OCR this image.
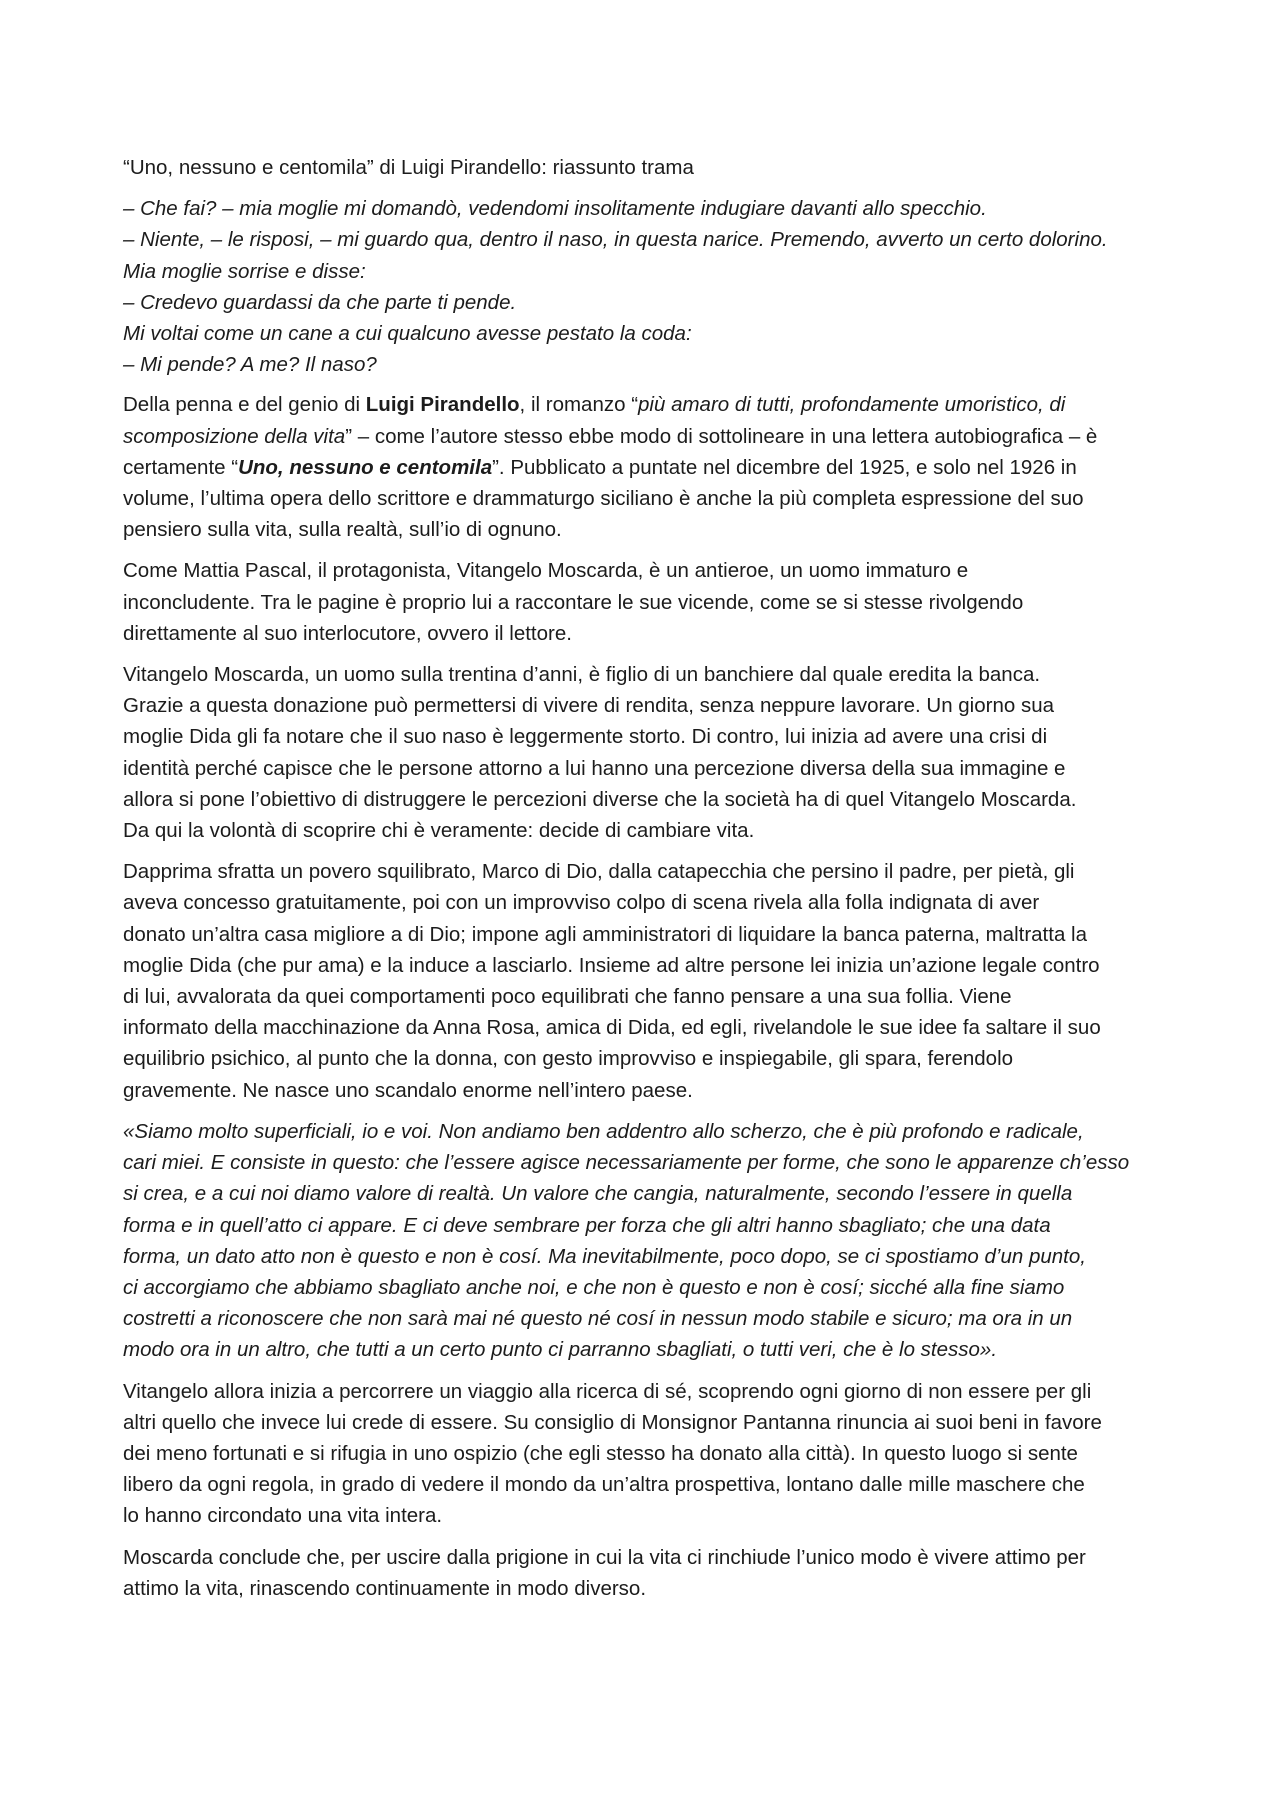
“Uno, nessuno e centomila” di Luigi Pirandello: riassunto trama

– Che fai? – mia moglie mi domandò, vedendomi insolitamente indugiare davanti allo specchio.
– Niente, – le risposi, – mi guardo qua, dentro il naso, in questa narice. Premendo, avverto un certo dolorino.
Mia moglie sorrise e disse:
– Credevo guardassi da che parte ti pende.
Mi voltai come un cane a cui qualcuno avesse pestato la coda:
– Mi pende? A me? Il naso?

Della penna e del genio di Luigi Pirandello, il romanzo “più amaro di tutti, profondamente umoristico, di
scomposizione della vita” – come l’autore stesso ebbe modo di sottolineare in una lettera autobiografica – è
certamente “Uno, nessuno e centomila”. Pubblicato a puntate nel dicembre del 1925, e solo nel 1926 in
volume, l’ultima opera dello scrittore e drammaturgo siciliano è anche la più completa espressione del suo
pensiero sulla vita, sulla realtà, sull’io di ognuno.

Come Mattia Pascal, il protagonista, Vitangelo Moscarda, è un antieroe, un uomo immaturo e
inconcludente. Tra le pagine è proprio lui a raccontare le sue vicende, come se si stesse rivolgendo
direttamente al suo interlocutore, ovvero il lettore.

Vitangelo Moscarda, un uomo sulla trentina d’anni, è figlio di un banchiere dal quale eredita la banca.
Grazie a questa donazione può permettersi di vivere di rendita, senza neppure lavorare. Un giorno sua
moglie Dida gli fa notare che il suo naso è leggermente storto. Di contro, lui inizia ad avere una crisi di
identità perché capisce che le persone attorno a lui hanno una percezione diversa della sua immagine e
allora si pone l’obiettivo di distruggere le percezioni diverse che la società ha di quel Vitangelo Moscarda.
Da qui la volontà di scoprire chi è veramente: decide di cambiare vita.

Dapprima sfratta un povero squilibrato, Marco di Dio, dalla catapecchia che persino il padre, per pietà, gli
aveva concesso gratuitamente, poi con un improvviso colpo di scena rivela alla folla indignata di aver
donato un’altra casa migliore a di Dio; impone agli amministratori di liquidare la banca paterna, maltratta la
moglie Dida (che pur ama) e la induce a lasciarlo. Insieme ad altre persone lei inizia un’azione legale contro
di lui, avvalorata da quei comportamenti poco equilibrati che fanno pensare a una sua follia. Viene
informato della macchinazione da Anna Rosa, amica di Dida, ed egli, rivelandole le sue idee fa saltare il suo
equilibrio psichico, al punto che la donna, con gesto improvviso e inspiegabile, gli spara, ferendolo
gravemente. Ne nasce uno scandalo enorme nell’intero paese.

«Siamo molto superficiali, io e voi. Non andiamo ben addentro allo scherzo, che è più profondo e radicale,
cari miei. E consiste in questo: che l’essere agisce necessariamente per forme, che sono le apparenze ch’esso
si crea, e a cui noi diamo valore di realtà. Un valore che cangia, naturalmente, secondo l’essere in quella
forma e in quell’atto ci appare. E ci deve sembrare per forza che gli altri hanno sbagliato; che una data
forma, un dato atto non è questo e non è cosí. Ma inevitabilmente, poco dopo, se ci spostiamo d’un punto,
ci accorgiamo che abbiamo sbagliato anche noi, e che non è questo e non è cosí; sicché alla fine siamo
costretti a riconoscere che non sarà mai né questo né cosí in nessun modo stabile e sicuro; ma ora in un
modo ora in un altro, che tutti a un certo punto ci parranno sbagliati, o tutti veri, che è lo stesso».

Vitangelo allora inizia a percorrere un viaggio alla ricerca di sé, scoprendo ogni giorno di non essere per gli
altri quello che invece lui crede di essere. Su consiglio di Monsignor Pantanna rinuncia ai suoi beni in favore
dei meno fortunati e si rifugia in uno ospizio (che egli stesso ha donato alla città). In questo luogo si sente
libero da ogni regola, in grado di vedere il mondo da un’altra prospettiva, lontano dalle mille maschere che
lo hanno circondato una vita intera.

Moscarda conclude che, per uscire dalla prigione in cui la vita ci rinchiude l’unico modo è vivere attimo per
attimo la vita, rinascendo continuamente in modo diverso.
